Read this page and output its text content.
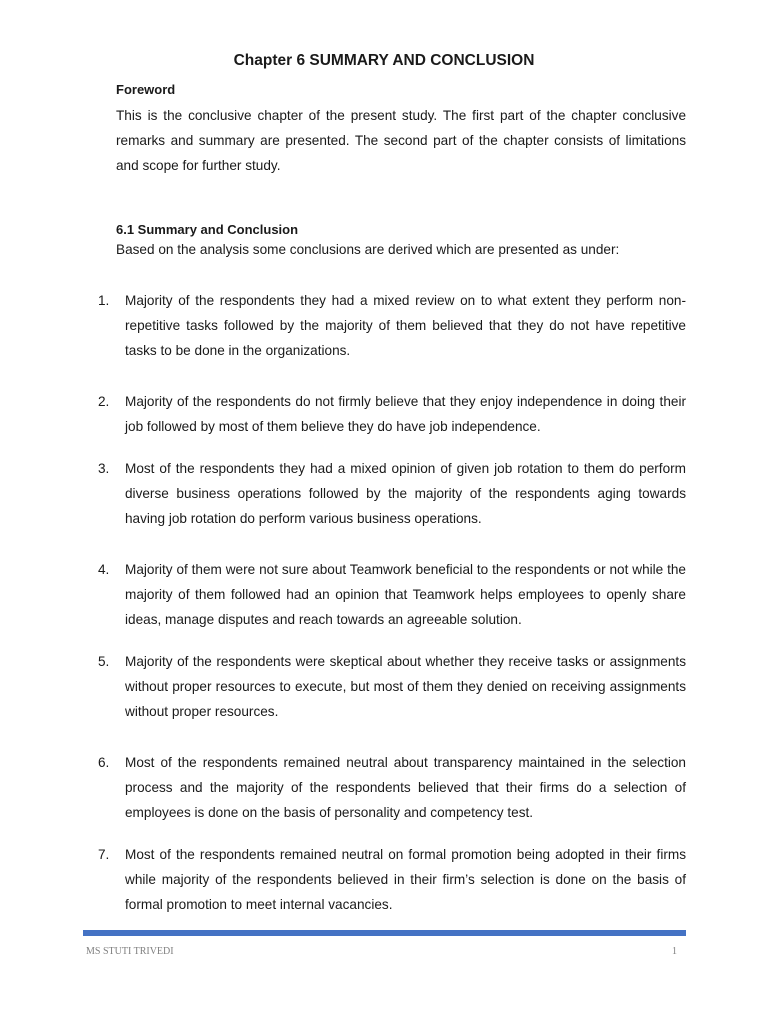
Chapter 6 SUMMARY AND CONCLUSION
Foreword

This is the conclusive chapter of the present study. The first part of the chapter conclusive remarks and summary are presented. The second part of the chapter consists of limitations and scope for further study.

6.1 Summary and Conclusion

Based on the analysis some conclusions are derived which are presented as under:

1.	Majority of the respondents they had a mixed review on to what extent they perform non-repetitive tasks followed by the majority of them believed that they do not have repetitive tasks to be done in the organizations.
2.	Majority of the respondents do not firmly believe that they enjoy independence in doing their job followed by most of them believe they do have job independence.
3.	Most of the respondents they had a mixed opinion of given job rotation to them do perform diverse business operations followed by the majority of the respondents aging towards having job rotation do perform various business operations.
4.	Majority of them were not sure about Teamwork beneficial to the respondents or not while the majority of them followed had an opinion that Teamwork helps employees to openly share ideas, manage disputes and reach towards an agreeable solution.
5.	Majority of the respondents were skeptical about whether they receive tasks or assignments without proper resources to execute, but most of them they denied on receiving assignments without proper resources.
6.	Most of the respondents remained neutral about transparency maintained in the selection process and the majority of the respondents believed that their firms do a selection of employees is done on the basis of personality and competency test.
7.	Most of the respondents remained neutral on formal promotion being adopted in their firms while majority of the respondents believed in their firm’s selection is done on the basis of formal promotion to meet internal vacancies.
MS STUTI TRIVEDI	1
